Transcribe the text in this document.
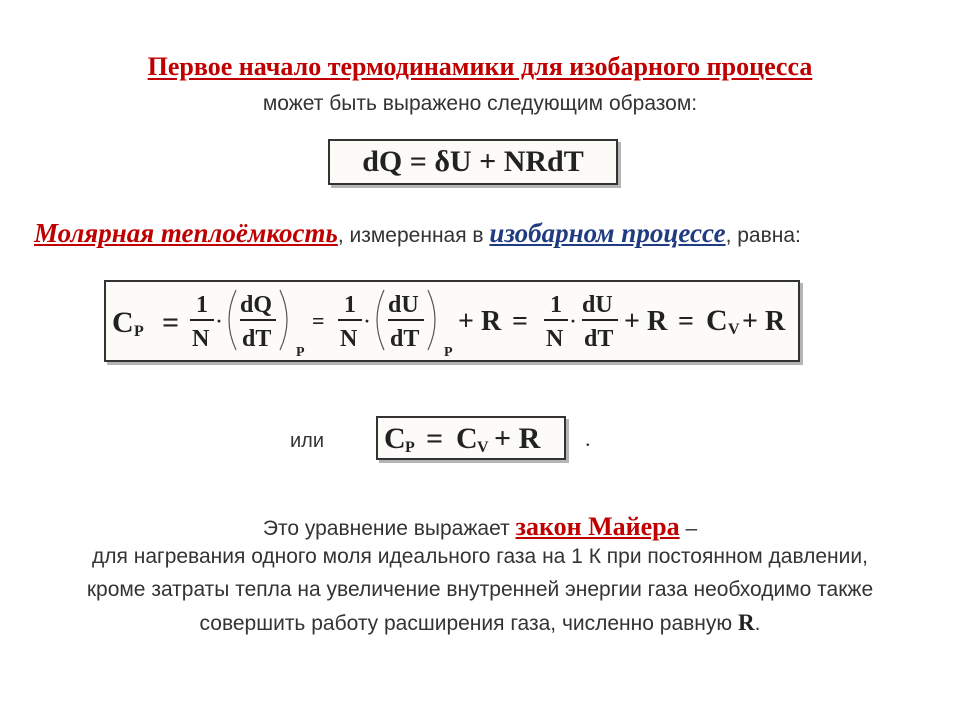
Первое начало термодинамики для изобарного процесса
может быть выражено следующим образом:
dQ = δU + NRdT
Молярная теплоёмкость, измеренная в изобарном процессе, равна:
C P =
1
N
·
dQ
dT
P
=
1
N
·
dU
dT
P
+ R =
1
N
·
dU
dT
+ R = C V + R
или C P = C V + R .
Это уравнение выражает закон Майера –
для нагревания одного моля идеального газа на 1 К при постоянном давлении,
кроме затраты тепла на увеличение внутренней энергии газа необходимо также
совершить работу расширения газа, численно равную R.
